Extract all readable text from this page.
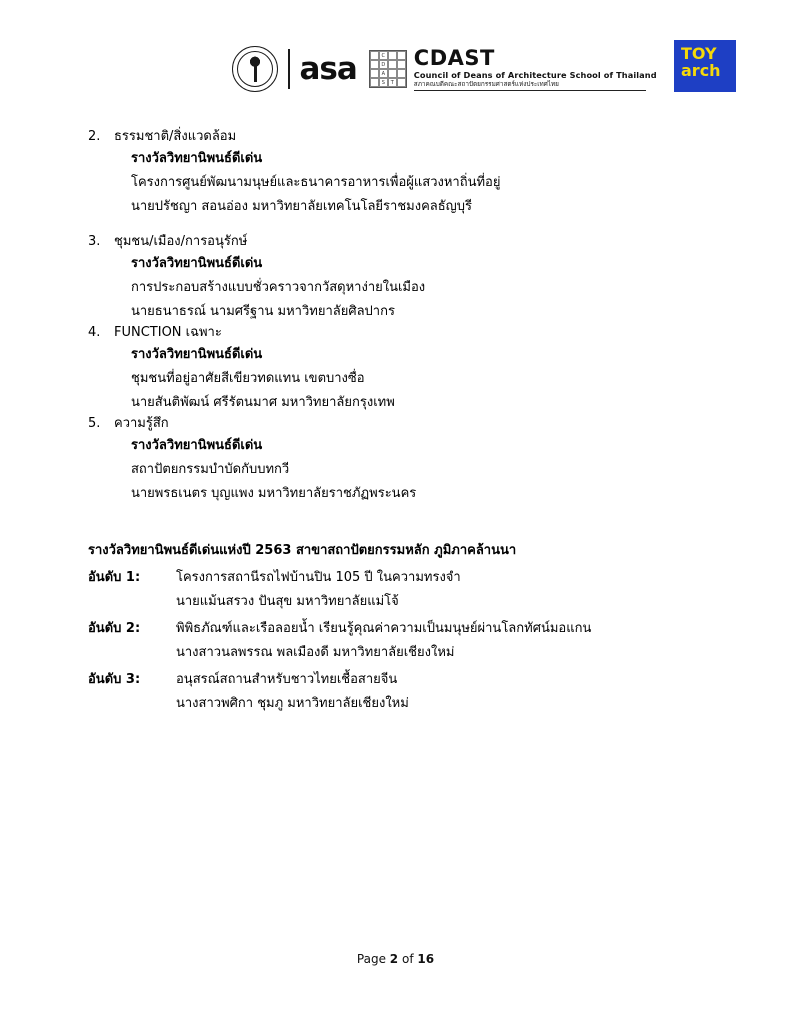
asa	C
D
A
S	T
CDAST
Council of Deans of Architecture School of Thailand
สภาคณบดีคณะสถาปัตยกรรมศาสตร์แห่งประเทศไทย
TOY
arch
2.	ธรรมชาติ/สิ่งแวดล้อม
รางวัลวิทยานิพนธ์ดีเด่น
โครงการศูนย์พัฒนามนุษย์และธนาคารอาหารเพื่อผู้แสวงหาถิ่นที่อยู่
นายปรัชญา สอนอ่อง มหาวิทยาลัยเทคโนโลยีราชมงคลธัญบุรี
3.	ชุมชน/เมือง/การอนุรักษ์
รางวัลวิทยานิพนธ์ดีเด่น
การประกอบสร้างแบบชั่วคราวจากวัสดุหาง่ายในเมือง
นายธนาธรณ์ นามศรีฐาน มหาวิทยาลัยศิลปากร
4.	FUNCTION เฉพาะ
รางวัลวิทยานิพนธ์ดีเด่น
ชุมชนที่อยู่อาศัยสีเขียวทดแทน เขตบางซื่อ
นายสันติพัฒน์ ศรีรัตนมาศ มหาวิทยาลัยกรุงเทพ
5.	ความรู้สึก
รางวัลวิทยานิพนธ์ดีเด่น
สถาปัตยกรรมบำบัดกับบทกวี
นายพรธเนตร บุญแพง มหาวิทยาลัยราชภัฏพระนคร
รางวัลวิทยานิพนธ์ดีเด่นแห่งปี 2563 สาขาสถาปัตยกรรมหลัก ภูมิภาคล้านนา
อันดับ 1:	โครงการสถานีรถไฟบ้านปิน 105 ปี ในความทรงจำ
นายแม้นสรวง ปันสุข มหาวิทยาลัยแม่โจ้
อันดับ 2:	พิพิธภัณฑ์และเรือลอยน้ำ เรียนรู้คุณค่าความเป็นมนุษย์ผ่านโลกทัศน์มอแกน
นางสาวนลพรรณ พลเมืองดี มหาวิทยาลัยเชียงใหม่
อันดับ 3:	อนุสรณ์สถานสำหรับชาวไทยเชื้อสายจีน
นางสาวพศิกา ชุมภู มหาวิทยาลัยเชียงใหม่
Page 2 of 16
